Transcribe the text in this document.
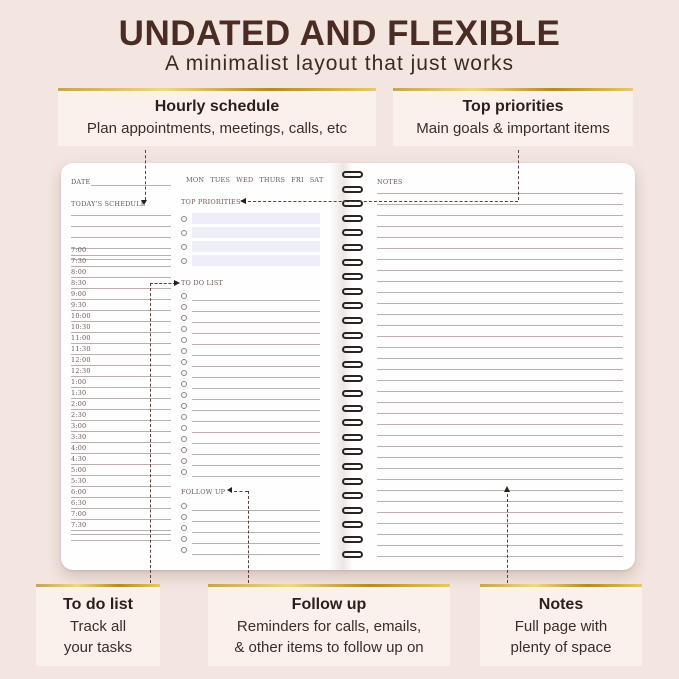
UNDATED AND FLEXIBLE
A minimalist layout that just works
Hourly schedule
Plan appointments, meetings, calls, etc
Top priorities
Main goals & important items
DATE	MON TUES WED THURS FRI SAT
TODAY'S SCHEDULE	TOP PRIORITIES
TO DO LIST
FOLLOW UP
NOTES
7:00
7:30
8:00
8:30
9:00
9:30
10:00
10:30
11:00
11:30
12:00
12:30
1:00
1:30
2:00
2:30
3:00
3:30
4:00
4:30
5:00
5:30
6:00
6:30
7:00
7:30
To do list
Track all
your tasks
Follow up
Reminders for calls, emails,
& other items to follow up on
Notes
Full page with
plenty of space
